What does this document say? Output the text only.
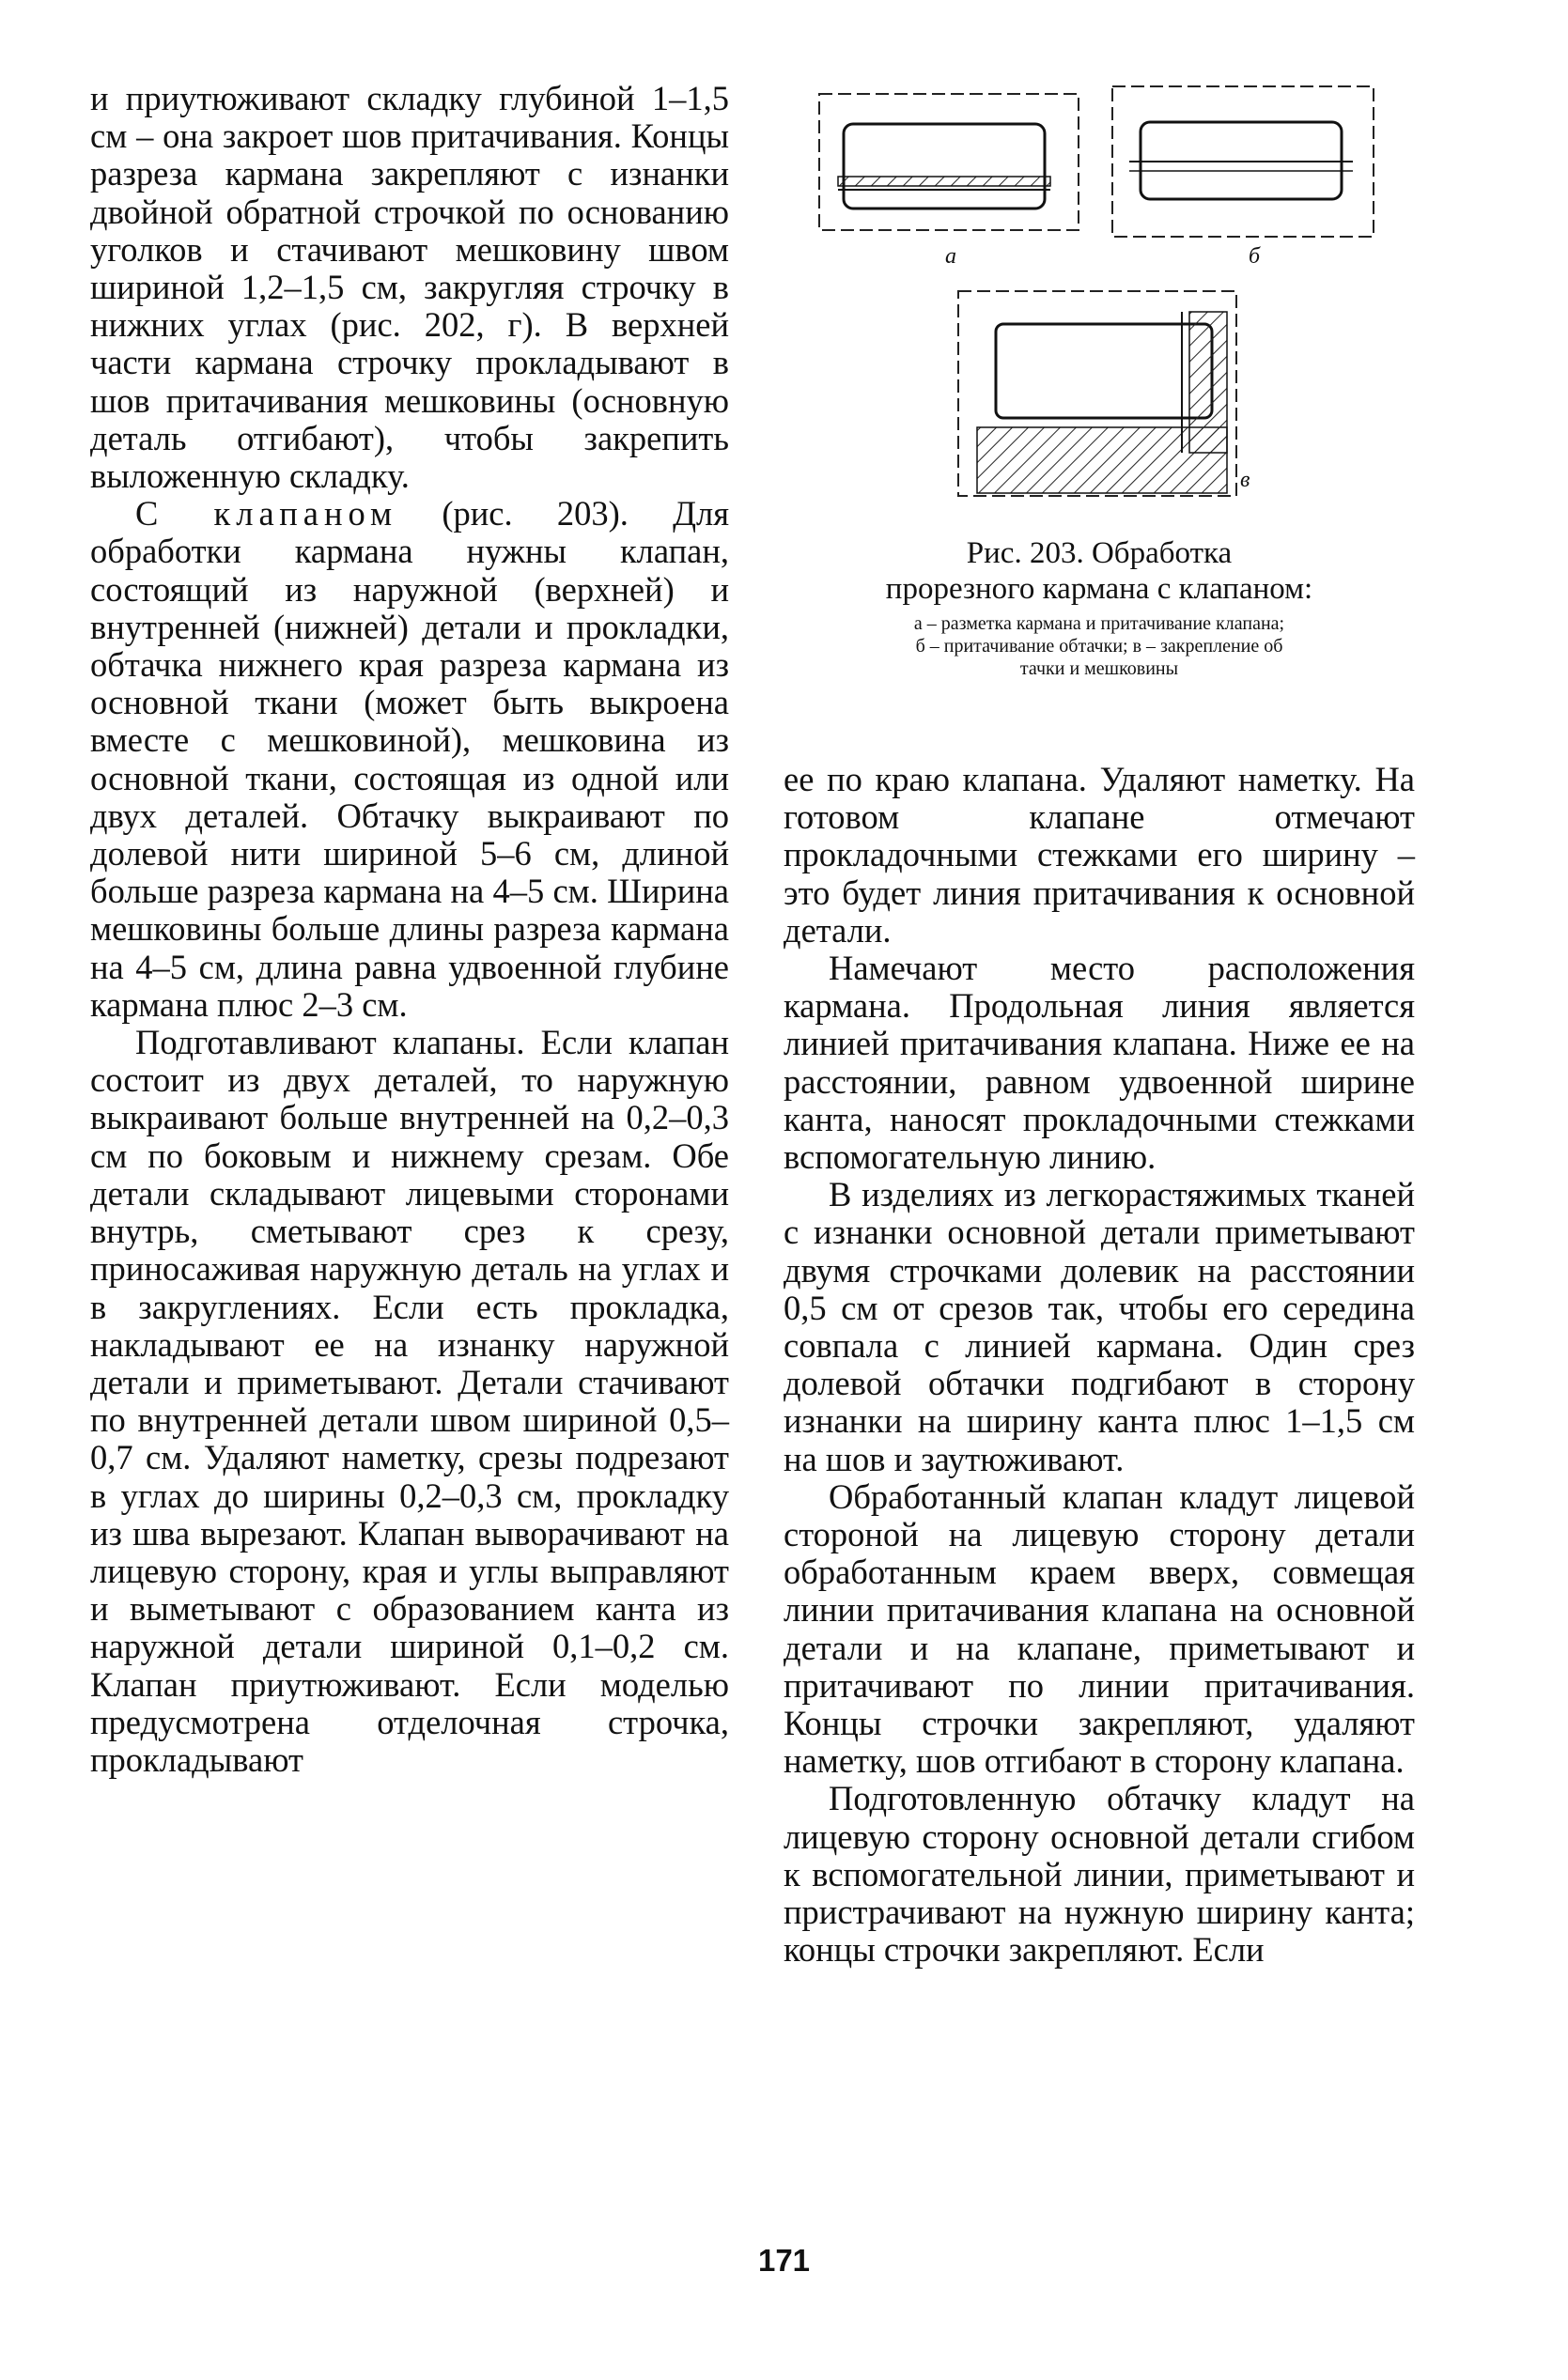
и приутюживают складку глубиной 1–1,5 см – она закроет шов притачивания. Концы разреза кармана закрепляют с изнанки двойной обратной строчкой по основанию уголков и стачивают мешковину швом шириной 1,2–1,5 см, закругляя строчку в нижних углах (рис. 202, г). В верхней части кармана строчку прокладывают в шов притачивания мешковины (основную деталь отгибают), чтобы закрепить выложенную складку.

С клапаном (рис. 203). Для обработки кармана нужны клапан, состоящий из наружной (верхней) и внутренней (нижней) детали и прокладки, обтачка нижнего края разреза кармана из основной ткани (может быть выкроена вместе с мешковиной), мешковина из основной ткани, состоящая из одной или двух деталей. Обтачку выкраивают по долевой нити шириной 5–6 см, длиной больше разреза кармана на 4–5 см. Ширина мешковины больше длины разреза кармана на 4–5 см, длина равна удвоенной глубине кармана плюс 2–3 см.

Подготавливают клапаны. Если клапан состоит из двух деталей, то наружную выкраивают больше внутренней на 0,2–0,3 см по боковым и нижнему срезам. Обе детали складывают лицевыми сторонами внутрь, сметывают срез к срезу, приносаживая наружную деталь на углах и в закруглениях. Если есть прокладка, накладывают ее на изнанку наружной детали и приметывают. Детали стачивают по внутренней детали швом шириной 0,5–0,7 см. Удаляют наметку, срезы подрезают в углах до ширины 0,2–0,3 см, прокладку из шва вырезают. Клапан выворачивают на лицевую сторону, края и углы выправляют и выметывают с образованием канта из наружной детали шириной 0,1–0,2 см. Клапан приутюживают. Если моделью предусмотрена отделочная строчка, прокладывают

а	б
в
Рис. 203. Обработка
прорезного кармана с клапаном:
а – разметка кармана и притачивание клапана;
б – притачивание обтачки; в – закрепление об
тачки и мешковины

ее по краю клапана. Удаляют наметку. На готовом клапане отмечают прокладочными стежками его ширину – это будет линия притачивания к основной детали.

Намечают место расположения кармана. Продольная линия является линией притачивания клапана. Ниже ее на расстоянии, равном удвоенной ширине канта, наносят прокладочными стежками вспомогательную линию.

В изделиях из легкорастяжимых тканей с изнанки основной детали приметывают двумя строчками долевик на расстоянии 0,5 см от срезов так, чтобы его середина совпала с линией кармана. Один срез долевой обтачки подгибают в сторону изнанки на ширину канта плюс 1–1,5 см на шов и заутюживают.

Обработанный клапан кладут лицевой стороной на лицевую сторону детали обработанным краем вверх, совмещая линии притачивания клапана на основной детали и на клапане, приметывают и притачивают по линии притачивания. Концы строчки закрепляют, удаляют наметку, шов отгибают в сторону клапана.

Подготовленную обтачку кладут на лицевую сторону основной детали сгибом к вспомогательной линии, приметывают и пристрачивают на нужную ширину канта; концы строчки закрепляют. Если

171
